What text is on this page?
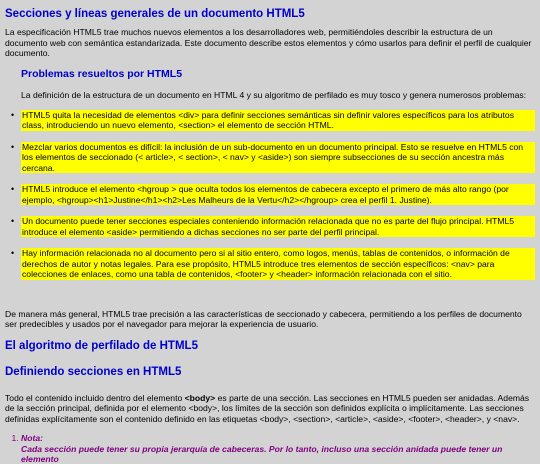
Secciones y líneas generales de un documento HTML5

La especificación HTML5 trae muchos nuevos elementos a los desarrolladores web, permitiéndoles describir la estructura de un documento web con semántica estandarizada. Este documento describe estos elementos y cómo usarlos para definir el perfil de cualquier documento.

Problemas resueltos por HTML5

La definición de la estructura de un documento en HTML 4 y su algoritmo de perfilado es muy tosco y genera numerosos problemas:

• HTML5 quita la necesidad de elementos <div> para definir secciones semánticas sin definir valores específicos para los atributos class, introduciendo un nuevo elemento, <section> el elemento de sección HTML.
• Mezclar varios documentos es difícil: la inclusión de un sub-documento en un documento principal. Esto se resuelve en HTML5 con los elementos de seccionado (< article>, < section>, < nav> y <aside>) son siempre subsecciones de su sección ancestra más cercana.
• HTML5 introduce el elemento <hgroup > que oculta todos los elementos de cabecera excepto el primero de más alto rango (por ejemplo, <hgroup><h1>Justine</h1><h2>Les Malheurs de la Vertu</h2></hgroup> crea el perfil 1. Justine).
• Un documento puede tener secciones especiales conteniendo información relacionada que no es parte del flujo principal. HTML5 introduce el elemento <aside> permitiendo a dichas secciones no ser parte del perfil principal.
• Hay información relacionada no al documento pero si al sitio entero, como logos, menús, tablas de contenidos, o información de derechos de autor y notas legales. Para ese propósito, HTML5 introduce tres elementos de sección específicos: <nav> para colecciones de enlaces, como una tabla de contenidos, <footer> y <header> información relacionada con el sitio.

De manera más general, HTML5 trae precisión a las características de seccionado y cabecera, permitiendo a los perfiles de documento ser predecibles y usados por el navegador para mejorar la experiencia de usuario.

El algoritmo de perfilado de HTML5
Definiendo secciones en HTML5

Todo el contenido incluido dentro del elemento <body> es parte de una sección. Las secciones en HTML5 pueden ser anidadas. Además de la sección principal, definida por el elemento <body>, los límites de la sección son definidos explícita o implícitamente. Las secciones definidas explícitamente son el contenido definido en las etiquetas <body>, <section>, <article>, <aside>, <footer>, <header>, y <nav>.

1. Nota:
Cada sección puede tener su propia jerarquía de cabeceras. Por lo tanto, incluso una sección anidada puede tener un elemento
